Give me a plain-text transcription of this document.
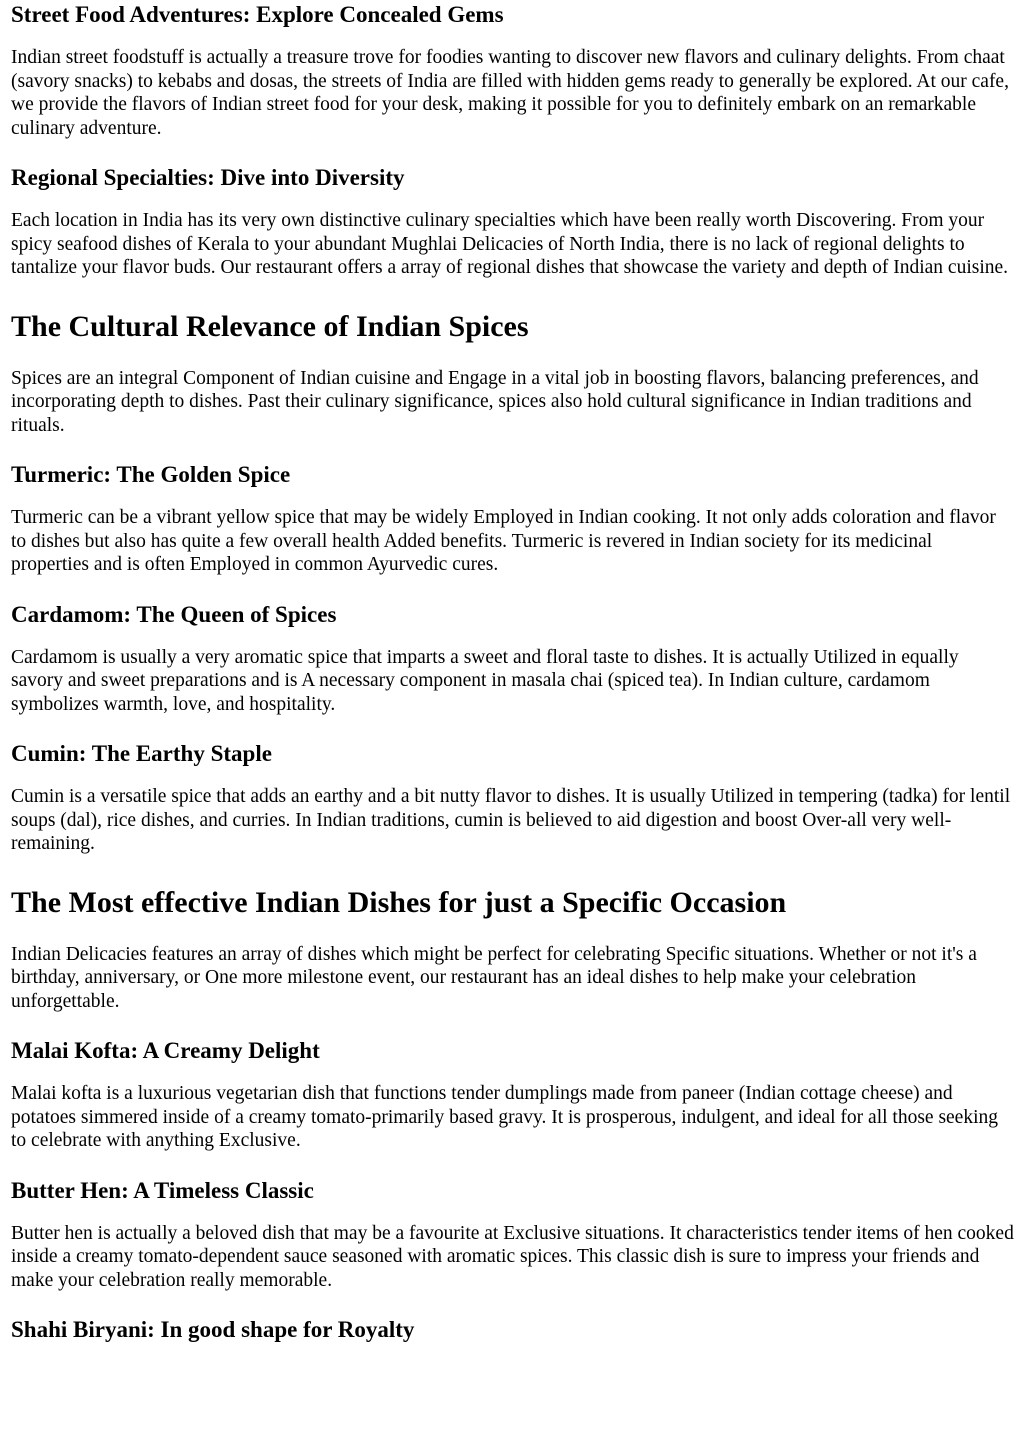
Street Food Adventures: Explore Concealed Gems

Indian street foodstuff is actually a treasure trove for foodies wanting to discover new flavors and culinary delights. From chaat (savory snacks) to kebabs and dosas, the streets of India are filled with hidden gems ready to generally be explored. At our cafe, we provide the flavors of Indian street food for your desk, making it possible for you to definitely embark on an remarkable culinary adventure.

Regional Specialties: Dive into Diversity

Each location in India has its very own distinctive culinary specialties which have been really worth Discovering. From your spicy seafood dishes of Kerala to your abundant Mughlai Delicacies of North India, there is no lack of regional delights to tantalize your flavor buds. Our restaurant offers a array of regional dishes that showcase the variety and depth of Indian cuisine.

The Cultural Relevance of Indian Spices

Spices are an integral Component of Indian cuisine and Engage in a vital job in boosting flavors, balancing preferences, and incorporating depth to dishes. Past their culinary significance, spices also hold cultural significance in Indian traditions and rituals.

Turmeric: The Golden Spice

Turmeric can be a vibrant yellow spice that may be widely Employed in Indian cooking. It not only adds coloration and flavor to dishes but also has quite a few overall health Added benefits. Turmeric is revered in Indian society for its medicinal properties and is often Employed in common Ayurvedic cures.

Cardamom: The Queen of Spices

Cardamom is usually a very aromatic spice that imparts a sweet and floral taste to dishes. It is actually Utilized in equally savory and sweet preparations and is A necessary component in masala chai (spiced tea). In Indian culture, cardamom symbolizes warmth, love, and hospitality.

Cumin: The Earthy Staple

Cumin is a versatile spice that adds an earthy and a bit nutty flavor to dishes. It is usually Utilized in tempering (tadka) for lentil soups (dal), rice dishes, and curries. In Indian traditions, cumin is believed to aid digestion and boost Over-all very well-remaining.

The Most effective Indian Dishes for just a Specific Occasion

Indian Delicacies features an array of dishes which might be perfect for celebrating Specific situations. Whether or not it's a birthday, anniversary, or One more milestone event, our restaurant has an ideal dishes to help make your celebration unforgettable.

Malai Kofta: A Creamy Delight

Malai kofta is a luxurious vegetarian dish that functions tender dumplings made from paneer (Indian cottage cheese) and potatoes simmered inside of a creamy tomato-primarily based gravy. It is prosperous, indulgent, and ideal for all those seeking to celebrate with anything Exclusive.

Butter Hen: A Timeless Classic

Butter hen is actually a beloved dish that may be a favourite at Exclusive situations. It characteristics tender items of hen cooked inside a creamy tomato-dependent sauce seasoned with aromatic spices. This classic dish is sure to impress your friends and make your celebration really memorable.

Shahi Biryani: In good shape for Royalty
